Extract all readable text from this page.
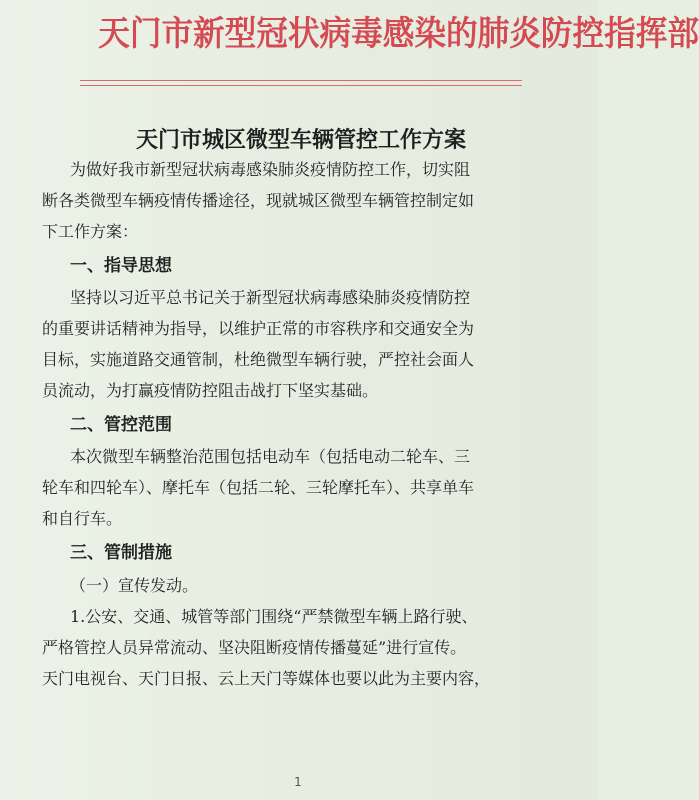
天门市新型冠状病毒感染的肺炎防控指挥部
天门市城区微型车辆管控工作方案
为做好我市新型冠状病毒感染肺炎疫情防控工作，切实阻
断各类微型车辆疫情传播途径，现就城区微型车辆管控制定如
下工作方案：
一、指导思想
坚持以习近平总书记关于新型冠状病毒感染肺炎疫情防控
的重要讲话精神为指导，以维护正常的市容秩序和交通安全为
目标，实施道路交通管制，杜绝微型车辆行驶，严控社会面人
员流动，为打赢疫情防控阻击战打下坚实基础。
二、管控范围
本次微型车辆整治范围包括电动车（包括电动二轮车、三
轮车和四轮车）、摩托车（包括二轮、三轮摩托车）、共享单车
和自行车。
三、管制措施
（一）宣传发动。
1.公安、交通、城管等部门围绕“严禁微型车辆上路行驶、
严格管控人员异常流动、坚决阻断疫情传播蔓延”进行宣传。
天门电视台、天门日报、云上天门等媒体也要以此为主要内容，
1
